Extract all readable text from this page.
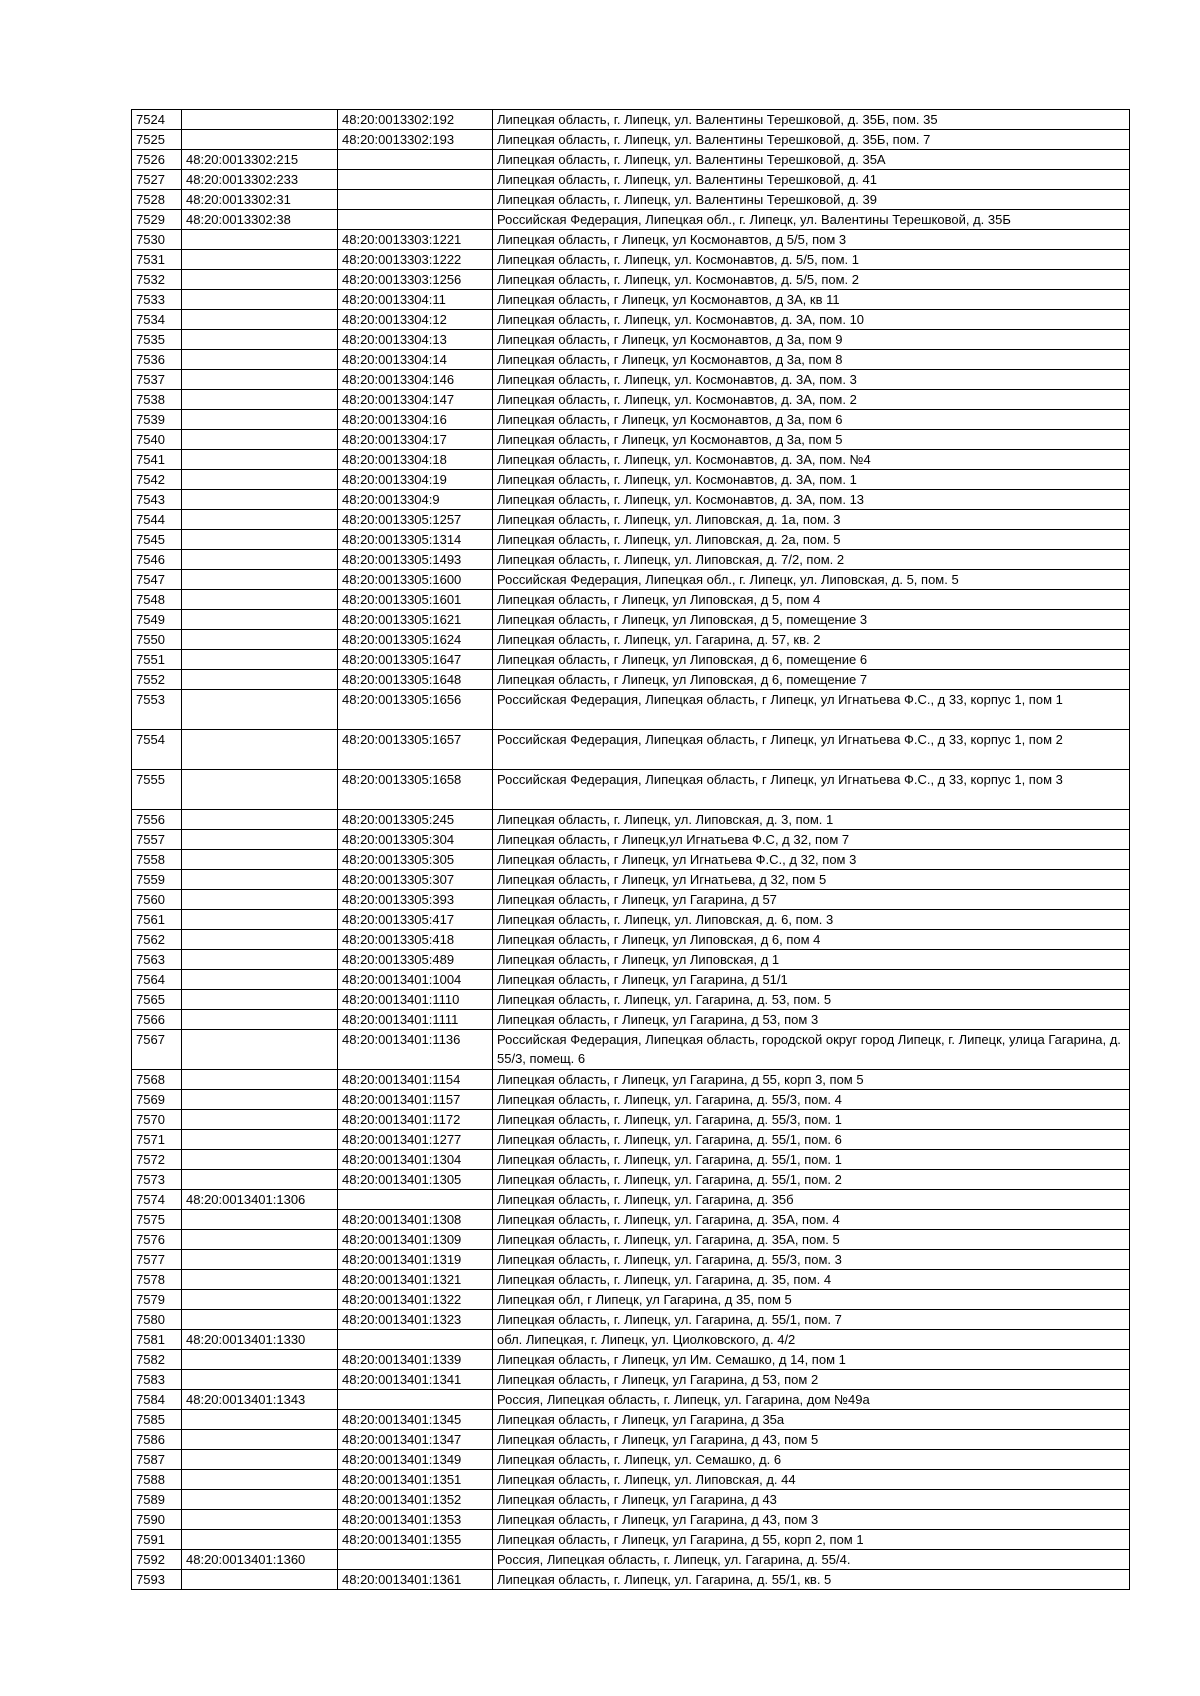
7524		48:20:0013302:192	Липецкая область, г. Липецк, ул. Валентины Терешковой, д. 35Б, пом. 35
7525		48:20:0013302:193	Липецкая область, г. Липецк, ул. Валентины Терешковой, д. 35Б, пом. 7
7526	48:20:0013302:215		Липецкая область, г. Липецк, ул. Валентины Терешковой, д. 35А
7527	48:20:0013302:233		Липецкая область, г. Липецк, ул. Валентины Терешковой, д. 41
7528	48:20:0013302:31		Липецкая область, г. Липецк, ул. Валентины Терешковой, д. 39
7529	48:20:0013302:38		Российская Федерация, Липецкая обл., г. Липецк, ул. Валентины Терешковой, д. 35Б
7530		48:20:0013303:1221	Липецкая область, г Липецк, ул Космонавтов, д 5/5, пом 3
7531		48:20:0013303:1222	Липецкая область, г. Липецк, ул. Космонавтов, д. 5/5, пом. 1
7532		48:20:0013303:1256	Липецкая область, г. Липецк, ул. Космонавтов, д. 5/5, пом. 2
7533		48:20:0013304:11	Липецкая область, г Липецк, ул Космонавтов, д 3А, кв 11
7534		48:20:0013304:12	Липецкая область, г. Липецк, ул. Космонавтов, д. 3А, пом. 10
7535		48:20:0013304:13	Липецкая область, г Липецк, ул Космонавтов, д 3а, пом 9
7536		48:20:0013304:14	Липецкая область, г Липецк, ул Космонавтов, д 3а, пом 8
7537		48:20:0013304:146	Липецкая область, г. Липецк, ул. Космонавтов, д. 3А, пом. 3
7538		48:20:0013304:147	Липецкая область, г. Липецк, ул. Космонавтов, д. 3А, пом. 2
7539		48:20:0013304:16	Липецкая область, г Липецк, ул Космонавтов, д 3а, пом 6
7540		48:20:0013304:17	Липецкая область, г Липецк, ул Космонавтов, д 3а, пом 5
7541		48:20:0013304:18	Липецкая область, г. Липецк, ул. Космонавтов, д. 3А, пом. №4
7542		48:20:0013304:19	Липецкая область, г. Липецк, ул. Космонавтов, д. 3А, пом. 1
7543		48:20:0013304:9	Липецкая область, г. Липецк, ул. Космонавтов, д. 3А, пом. 13
7544		48:20:0013305:1257	Липецкая область, г. Липецк, ул. Липовская, д. 1а, пом. 3
7545		48:20:0013305:1314	Липецкая область, г. Липецк, ул. Липовская, д. 2а, пом. 5
7546		48:20:0013305:1493	Липецкая область, г. Липецк, ул. Липовская, д. 7/2, пом. 2
7547		48:20:0013305:1600	Российская Федерация, Липецкая обл., г. Липецк, ул. Липовская, д. 5, пом. 5
7548		48:20:0013305:1601	Липецкая область, г Липецк, ул Липовская, д 5, пом 4
7549		48:20:0013305:1621	Липецкая область, г Липецк, ул Липовская, д 5, помещение 3
7550		48:20:0013305:1624	Липецкая область, г. Липецк, ул. Гагарина, д. 57, кв. 2
7551		48:20:0013305:1647	Липецкая область, г Липецк, ул Липовская, д 6, помещение 6
7552		48:20:0013305:1648	Липецкая область, г Липецк, ул Липовская, д 6, помещение 7
7553		48:20:0013305:1656	Российская Федерация, Липецкая область, г Липецк, ул Игнатьева Ф.С., д 33, корпус 1, пом 1
7554		48:20:0013305:1657	Российская Федерация, Липецкая область, г Липецк, ул Игнатьева Ф.С., д 33, корпус 1, пом 2
7555		48:20:0013305:1658	Российская Федерация, Липецкая область, г Липецк, ул Игнатьева Ф.С., д 33, корпус 1, пом 3
7556		48:20:0013305:245	Липецкая область, г. Липецк, ул. Липовская, д. 3, пом. 1
7557		48:20:0013305:304	Липецкая область, г Липецк,ул Игнатьева Ф.С, д 32, пом 7
7558		48:20:0013305:305	Липецкая область, г Липецк, ул Игнатьева Ф.С., д 32, пом 3
7559		48:20:0013305:307	Липецкая область, г Липецк, ул Игнатьева, д 32, пом 5
7560		48:20:0013305:393	Липецкая область, г Липецк, ул Гагарина, д 57
7561		48:20:0013305:417	Липецкая область, г. Липецк, ул. Липовская, д. 6, пом. 3
7562		48:20:0013305:418	Липецкая область, г Липецк, ул Липовская, д 6, пом 4
7563		48:20:0013305:489	Липецкая область, г Липецк, ул Липовская, д 1
7564		48:20:0013401:1004	Липецкая область, г Липецк, ул Гагарина, д 51/1
7565		48:20:0013401:1110	Липецкая область, г. Липецк, ул. Гагарина, д. 53, пом. 5
7566		48:20:0013401:1111	Липецкая область, г Липецк, ул Гагарина, д 53, пом 3
7567		48:20:0013401:1136	Российская Федерация, Липецкая область, городской округ город Липецк, г. Липецк, улица Гагарина, д. 55/3, помещ. 6
7568		48:20:0013401:1154	Липецкая область, г Липецк, ул Гагарина, д 55, корп 3, пом 5
7569		48:20:0013401:1157	Липецкая область, г. Липецк, ул. Гагарина, д. 55/3, пом. 4
7570		48:20:0013401:1172	Липецкая область, г. Липецк, ул. Гагарина, д. 55/3, пом. 1
7571		48:20:0013401:1277	Липецкая область, г. Липецк, ул. Гагарина, д. 55/1, пом. 6
7572		48:20:0013401:1304	Липецкая область, г. Липецк, ул. Гагарина, д. 55/1, пом. 1
7573		48:20:0013401:1305	Липецкая область, г. Липецк, ул. Гагарина, д. 55/1, пом. 2
7574	48:20:0013401:1306		Липецкая область, г. Липецк, ул. Гагарина, д. 35б
7575		48:20:0013401:1308	Липецкая область, г. Липецк, ул. Гагарина, д. 35А, пом. 4
7576		48:20:0013401:1309	Липецкая область, г. Липецк, ул. Гагарина, д. 35А, пом. 5
7577		48:20:0013401:1319	Липецкая область, г. Липецк, ул. Гагарина, д. 55/3, пом. 3
7578		48:20:0013401:1321	Липецкая область, г. Липецк, ул. Гагарина, д. 35, пом. 4
7579		48:20:0013401:1322	Липецкая обл, г Липецк, ул Гагарина, д 35, пом 5
7580		48:20:0013401:1323	Липецкая область, г. Липецк, ул. Гагарина, д. 55/1, пом. 7
7581	48:20:0013401:1330		обл. Липецкая, г. Липецк, ул. Циолковского, д. 4/2
7582		48:20:0013401:1339	Липецкая область, г Липецк, ул Им. Семашко, д 14, пом 1
7583		48:20:0013401:1341	Липецкая область, г Липецк, ул Гагарина, д 53, пом 2
7584	48:20:0013401:1343		Россия, Липецкая область, г. Липецк, ул. Гагарина, дом №49а
7585		48:20:0013401:1345	Липецкая область, г Липецк, ул Гагарина, д 35а
7586		48:20:0013401:1347	Липецкая область, г Липецк, ул Гагарина, д 43, пом 5
7587		48:20:0013401:1349	Липецкая область, г. Липецк, ул. Семашко, д. 6
7588		48:20:0013401:1351	Липецкая область, г. Липецк, ул. Липовская, д. 44
7589		48:20:0013401:1352	Липецкая область, г Липецк, ул Гагарина, д 43
7590		48:20:0013401:1353	Липецкая область, г Липецк, ул Гагарина, д 43, пом 3
7591		48:20:0013401:1355	Липецкая область, г Липецк, ул Гагарина, д 55, корп 2, пом 1
7592	48:20:0013401:1360		Россия, Липецкая область, г. Липецк, ул. Гагарина, д. 55/4.
7593		48:20:0013401:1361	Липецкая область, г. Липецк, ул. Гагарина, д. 55/1, кв. 5
